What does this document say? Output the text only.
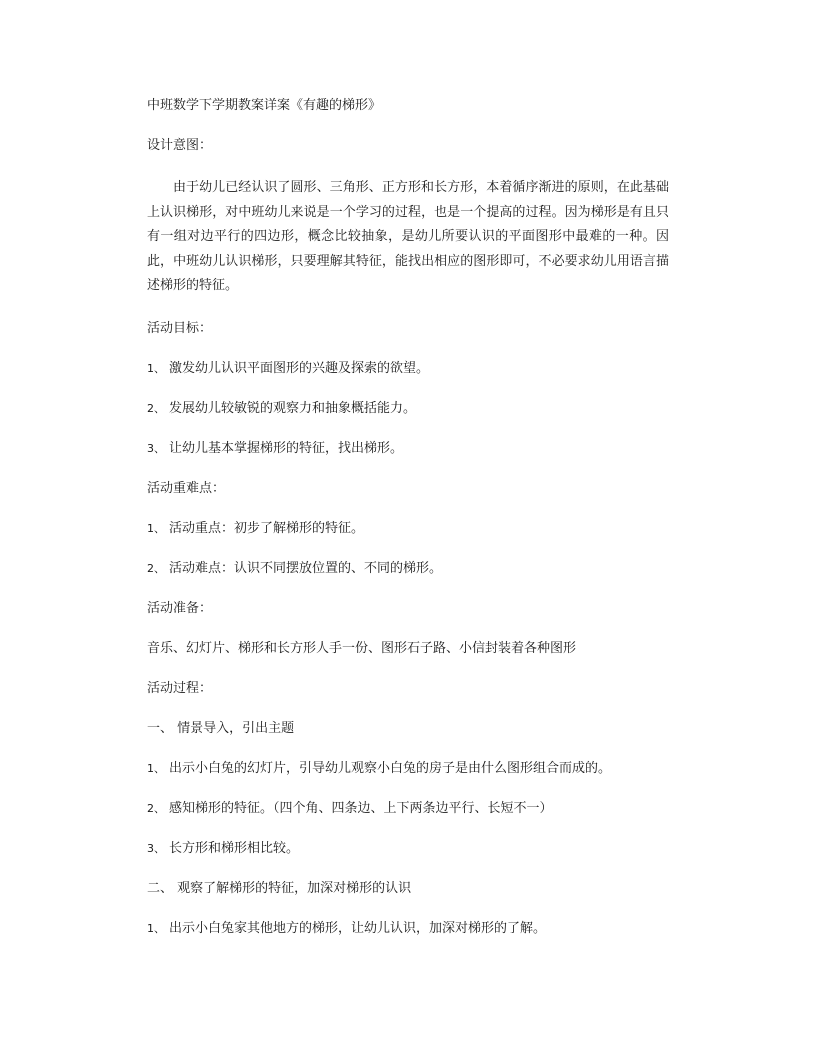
中班数学下学期教案详案《有趣的梯形》

设计意图：

由于幼儿已经认识了圆形、三角形、正方形和长方形，本着循序渐进的原则，在此基础上认识梯形，对中班幼儿来说是一个学习的过程，也是一个提高的过程。因为梯形是有且只有一组对边平行的四边形，概念比较抽象，是幼儿所要认识的平面图形中最难的一种。因此，中班幼儿认识梯形，只要理解其特征，能找出相应的图形即可，不必要求幼儿用语言描述梯形的特征。

活动目标：

1、 激发幼儿认识平面图形的兴趣及探索的欲望。

2、 发展幼儿较敏锐的观察力和抽象概括能力。

3、 让幼儿基本掌握梯形的特征，找出梯形。

活动重难点：

1、 活动重点：初步了解梯形的特征。

2、 活动难点：认识不同摆放位置的、不同的梯形。

活动准备：

音乐、幻灯片、梯形和长方形人手一份、图形石子路、小信封装着各种图形

活动过程：

一、 情景导入，引出主题

1、 出示小白兔的幻灯片，引导幼儿观察小白兔的房子是由什么图形组合而成的。

2、 感知梯形的特征。（四个角、四条边、上下两条边平行、长短不一）

3、 长方形和梯形相比较。

二、 观察了解梯形的特征，加深对梯形的认识

1、 出示小白兔家其他地方的梯形，让幼儿认识，加深对梯形的了解。
